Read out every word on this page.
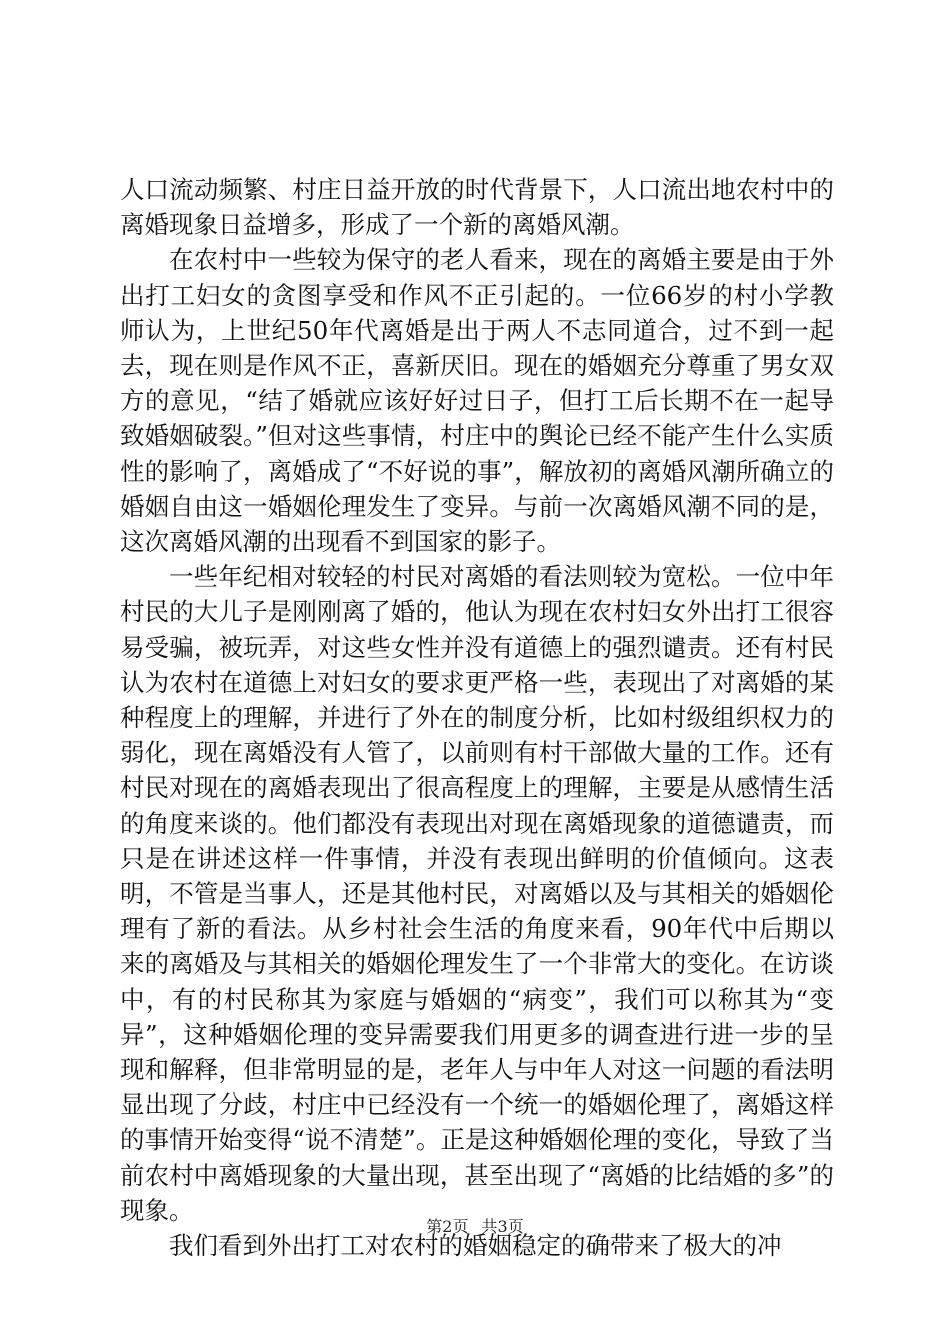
人口流动频繁、村庄日益开放的时代背景下，人口流出地农村中的离婚现象日益增多，形成了一个新的离婚风潮。

在农村中一些较为保守的老人看来，现在的离婚主要是由于外出打工妇女的贪图享受和作风不正引起的。一位66岁的村小学教师认为，上世纪50年代离婚是出于两人不志同道合，过不到一起去，现在则是作风不正，喜新厌旧。现在的婚姻充分尊重了男女双方的意见，“结了婚就应该好好过日子，但打工后长期不在一起导致婚姻破裂。”但对这些事情，村庄中的舆论已经不能产生什么实质性的影响了，离婚成了“不好说的事”，解放初的离婚风潮所确立的婚姻自由这一婚姻伦理发生了变异。与前一次离婚风潮不同的是，这次离婚风潮的出现看不到国家的影子。

一些年纪相对较轻的村民对离婚的看法则较为宽松。一位中年村民的大儿子是刚刚离了婚的，他认为现在农村妇女外出打工很容易受骗，被玩弄，对这些女性并没有道德上的强烈谴责。还有村民认为农村在道德上对妇女的要求更严格一些，表现出了对离婚的某种程度上的理解，并进行了外在的制度分析，比如村级组织权力的弱化，现在离婚没有人管了，以前则有村干部做大量的工作。还有村民对现在的离婚表现出了很高程度上的理解，主要是从感情生活的角度来谈的。他们都没有表现出对现在离婚现象的道德谴责，而只是在讲述这样一件事情，并没有表现出鲜明的价值倾向。这表明，不管是当事人，还是其他村民，对离婚以及与其相关的婚姻伦理有了新的看法。从乡村社会生活的角度来看，90年代中后期以来的离婚及与其相关的婚姻伦理发生了一个非常大的变化。在访谈中，有的村民称其为家庭与婚姻的“病变”，我们可以称其为“变异”，这种婚姻伦理的变异需要我们用更多的调查进行进一步的呈现和解释，但非常明显的是，老年人与中年人对这一问题的看法明显出现了分歧，村庄中已经没有一个统一的婚姻伦理了，离婚这样的事情开始变得“说不清楚”。正是这种婚姻伦理的变化，导致了当前农村中离婚现象的大量出现，甚至出现了“离婚的比结婚的多”的现象。

我们看到外出打工对农村的婚姻稳定的确带来了极大的冲

第2页 共3页
